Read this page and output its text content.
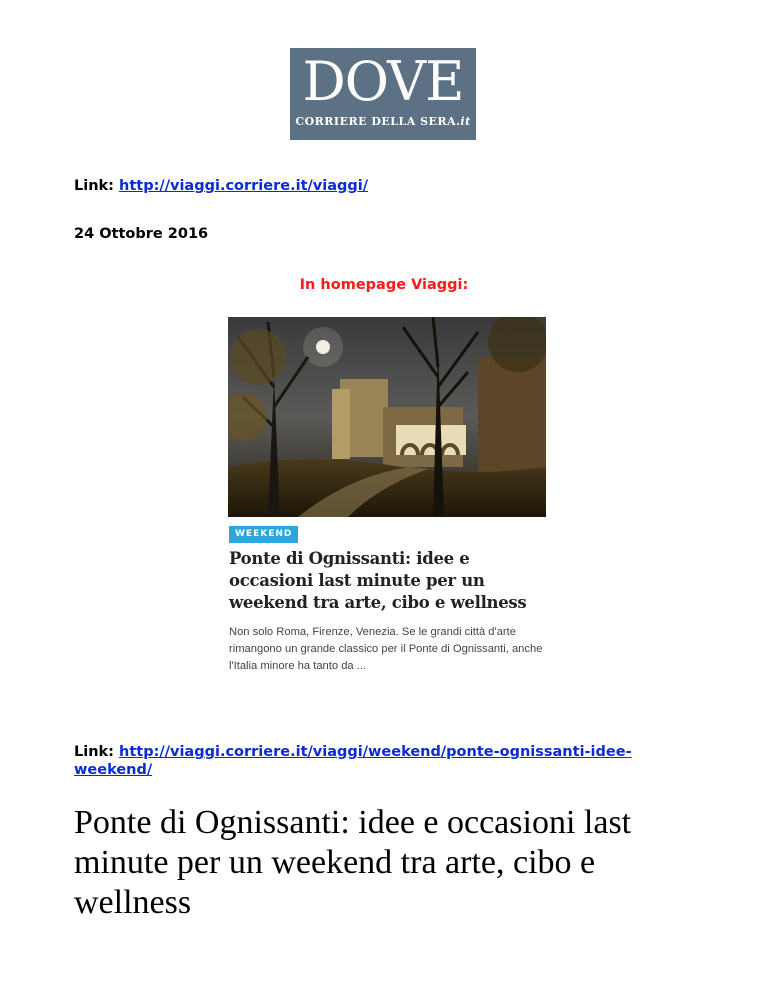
DOVE
CORRIERE DELLA SERA.it
Link: http://viaggi.corriere.it/viaggi/
24 Ottobre 2016
In homepage Viaggi:
WEEKEND
Ponte di Ognissanti: idee e occasioni last minute per un weekend tra arte, cibo e wellness
Non solo Roma, Firenze, Venezia. Se le grandi città d'arte rimangono un grande classico per il Ponte di Ognissanti, anche l'Italia minore ha tanto da ...
Link: http://viaggi.corriere.it/viaggi/weekend/ponte-ognissanti-idee-weekend/
Ponte di Ognissanti: idee e occasioni last minute per un weekend tra arte, cibo e wellness
